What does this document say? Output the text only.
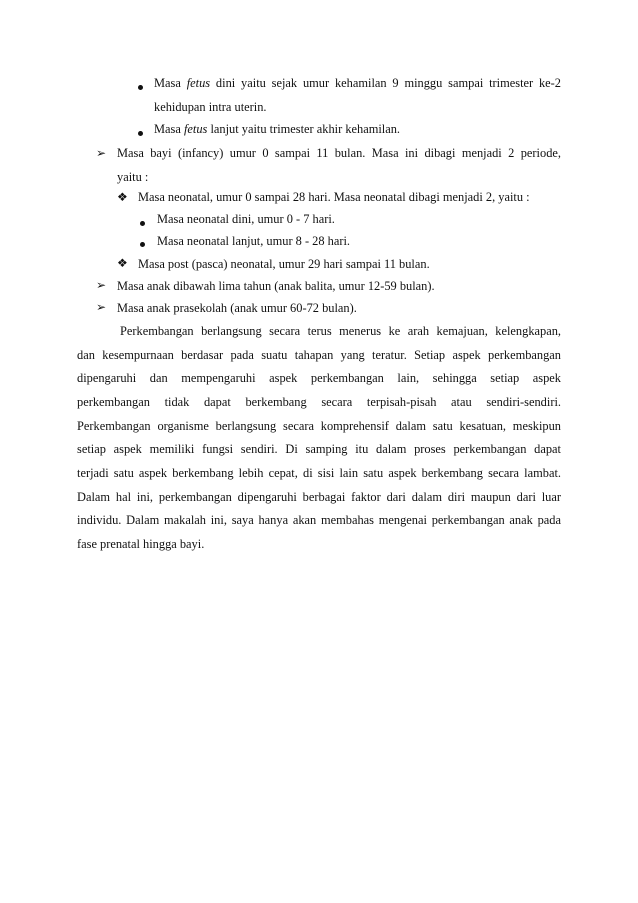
Masa fetus dini yaitu sejak umur kehamilan 9 minggu sampai trimester ke-2
kehidupan intra uterin.
Masa fetus lanjut yaitu trimester akhir kehamilan.
➢ Masa bayi (infancy) umur 0 sampai 11 bulan. Masa ini dibagi menjadi 2 periode,
yaitu :
❖ Masa neonatal, umur 0 sampai 28 hari. Masa neonatal dibagi menjadi 2, yaitu :
Masa neonatal dini, umur 0 - 7 hari.
Masa neonatal lanjut, umur 8 - 28 hari.
❖ Masa post (pasca) neonatal, umur 29 hari sampai 11 bulan.
➢ Masa anak dibawah lima tahun (anak balita, umur 12-59 bulan).
➢ Masa anak prasekolah (anak umur 60-72 bulan).
Perkembangan berlangsung secara terus menerus ke arah kemajuan, kelengkapan,
dan kesempurnaan berdasar pada suatu tahapan yang teratur. Setiap aspek perkembangan
dipengaruhi dan mempengaruhi aspek perkembangan lain, sehingga setiap aspek
perkembangan tidak dapat berkembang secara terpisah-pisah atau sendiri-sendiri.
Perkembangan organisme berlangsung secara komprehensif dalam satu kesatuan, meskipun
setiap aspek memiliki fungsi sendiri. Di samping itu dalam proses perkembangan dapat
terjadi satu aspek berkembang lebih cepat, di sisi lain satu aspek berkembang secara lambat.
Dalam hal ini, perkembangan dipengaruhi berbagai faktor dari dalam diri maupun dari luar
individu. Dalam makalah ini, saya hanya akan membahas mengenai perkembangan anak pada
fase prenatal hingga bayi.
